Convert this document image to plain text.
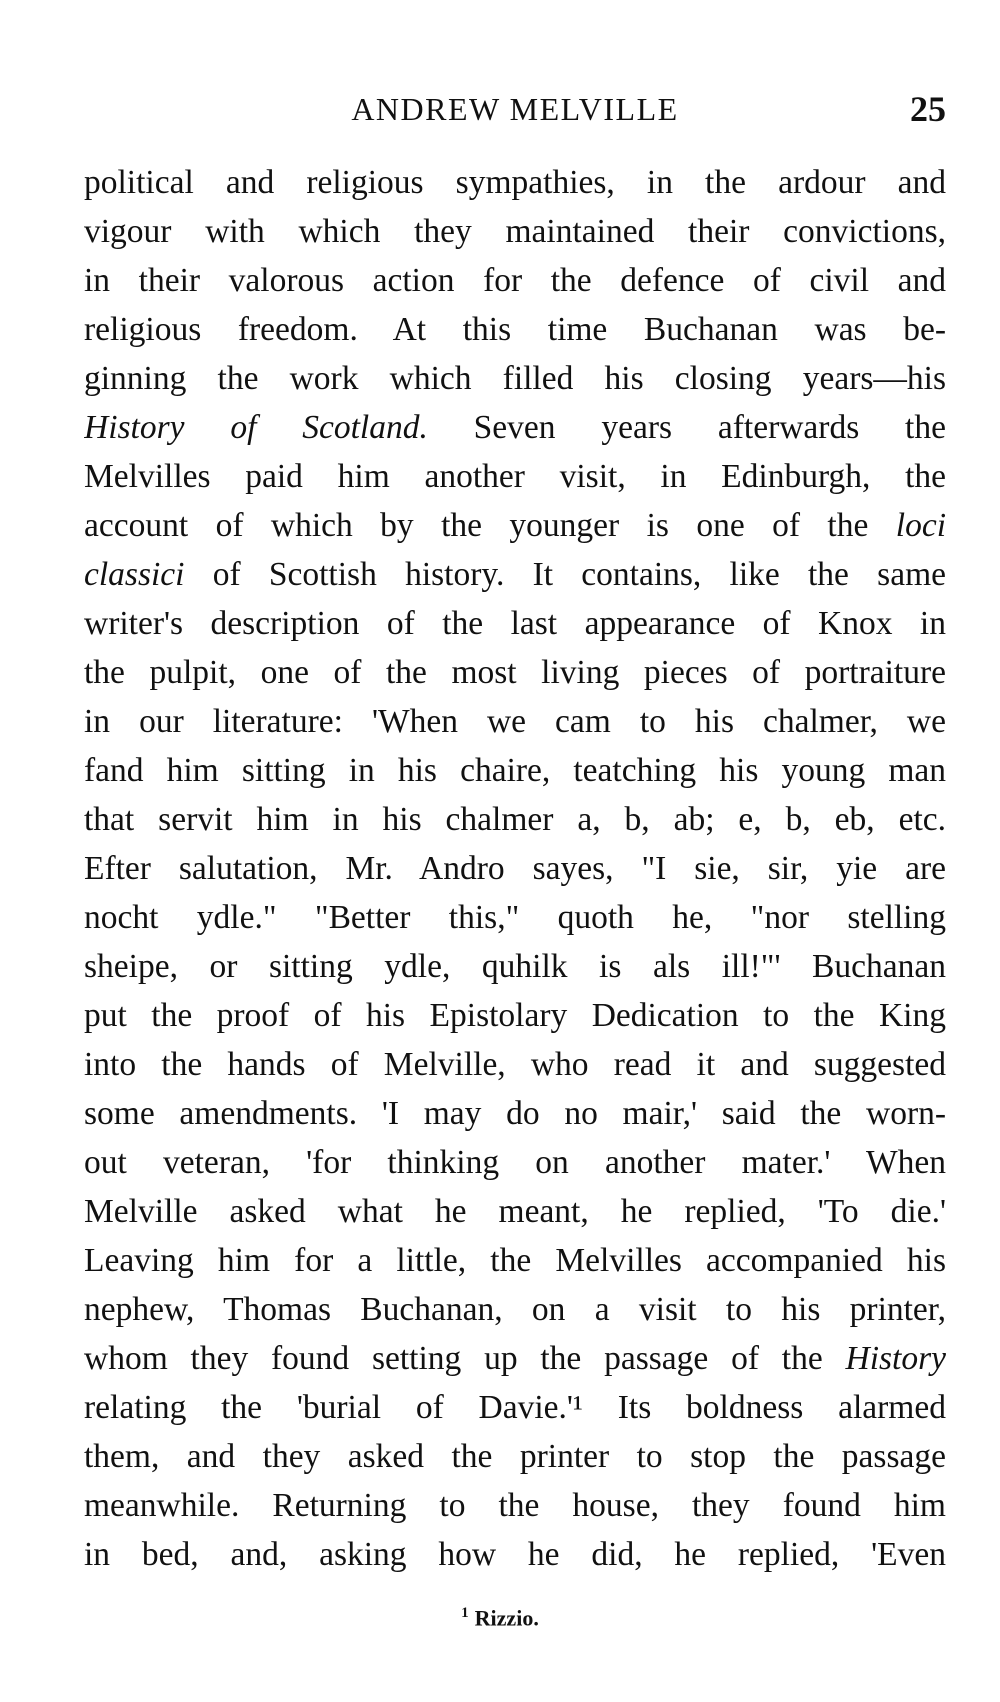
ANDREW MELVILLE	25
political and religious sympathies, in the ardour and
vigour with which they maintained their convictions,
in their valorous action for the defence of civil and
religious freedom. At this time Buchanan was be-
ginning the work which filled his closing years—his
History of Scotland. Seven years afterwards the
Melvilles paid him another visit, in Edinburgh, the
account of which by the younger is one of the loci
classici of Scottish history. It contains, like the same
writer's description of the last appearance of Knox in
the pulpit, one of the most living pieces of portraiture
in our literature: 'When we cam to his chalmer, we
fand him sitting in his chaire, teatching his young man
that servit him in his chalmer a, b, ab; e, b, eb, etc.
Efter salutation, Mr. Andro sayes, "I sie, sir, yie are
nocht ydle." "Better this," quoth he, "nor stelling
sheipe, or sitting ydle, quhilk is als ill!"' Buchanan
put the proof of his Epistolary Dedication to the King
into the hands of Melville, who read it and suggested
some amendments. 'I may do no mair,' said the worn-
out veteran, 'for thinking on another mater.' When
Melville asked what he meant, he replied, 'To die.'
Leaving him for a little, the Melvilles accompanied his
nephew, Thomas Buchanan, on a visit to his printer,
whom they found setting up the passage of the History
relating the 'burial of Davie.'¹ Its boldness alarmed
them, and they asked the printer to stop the passage
meanwhile. Returning to the house, they found him
in bed, and, asking how he did, he replied, 'Even
$^1$ Rizzio.
